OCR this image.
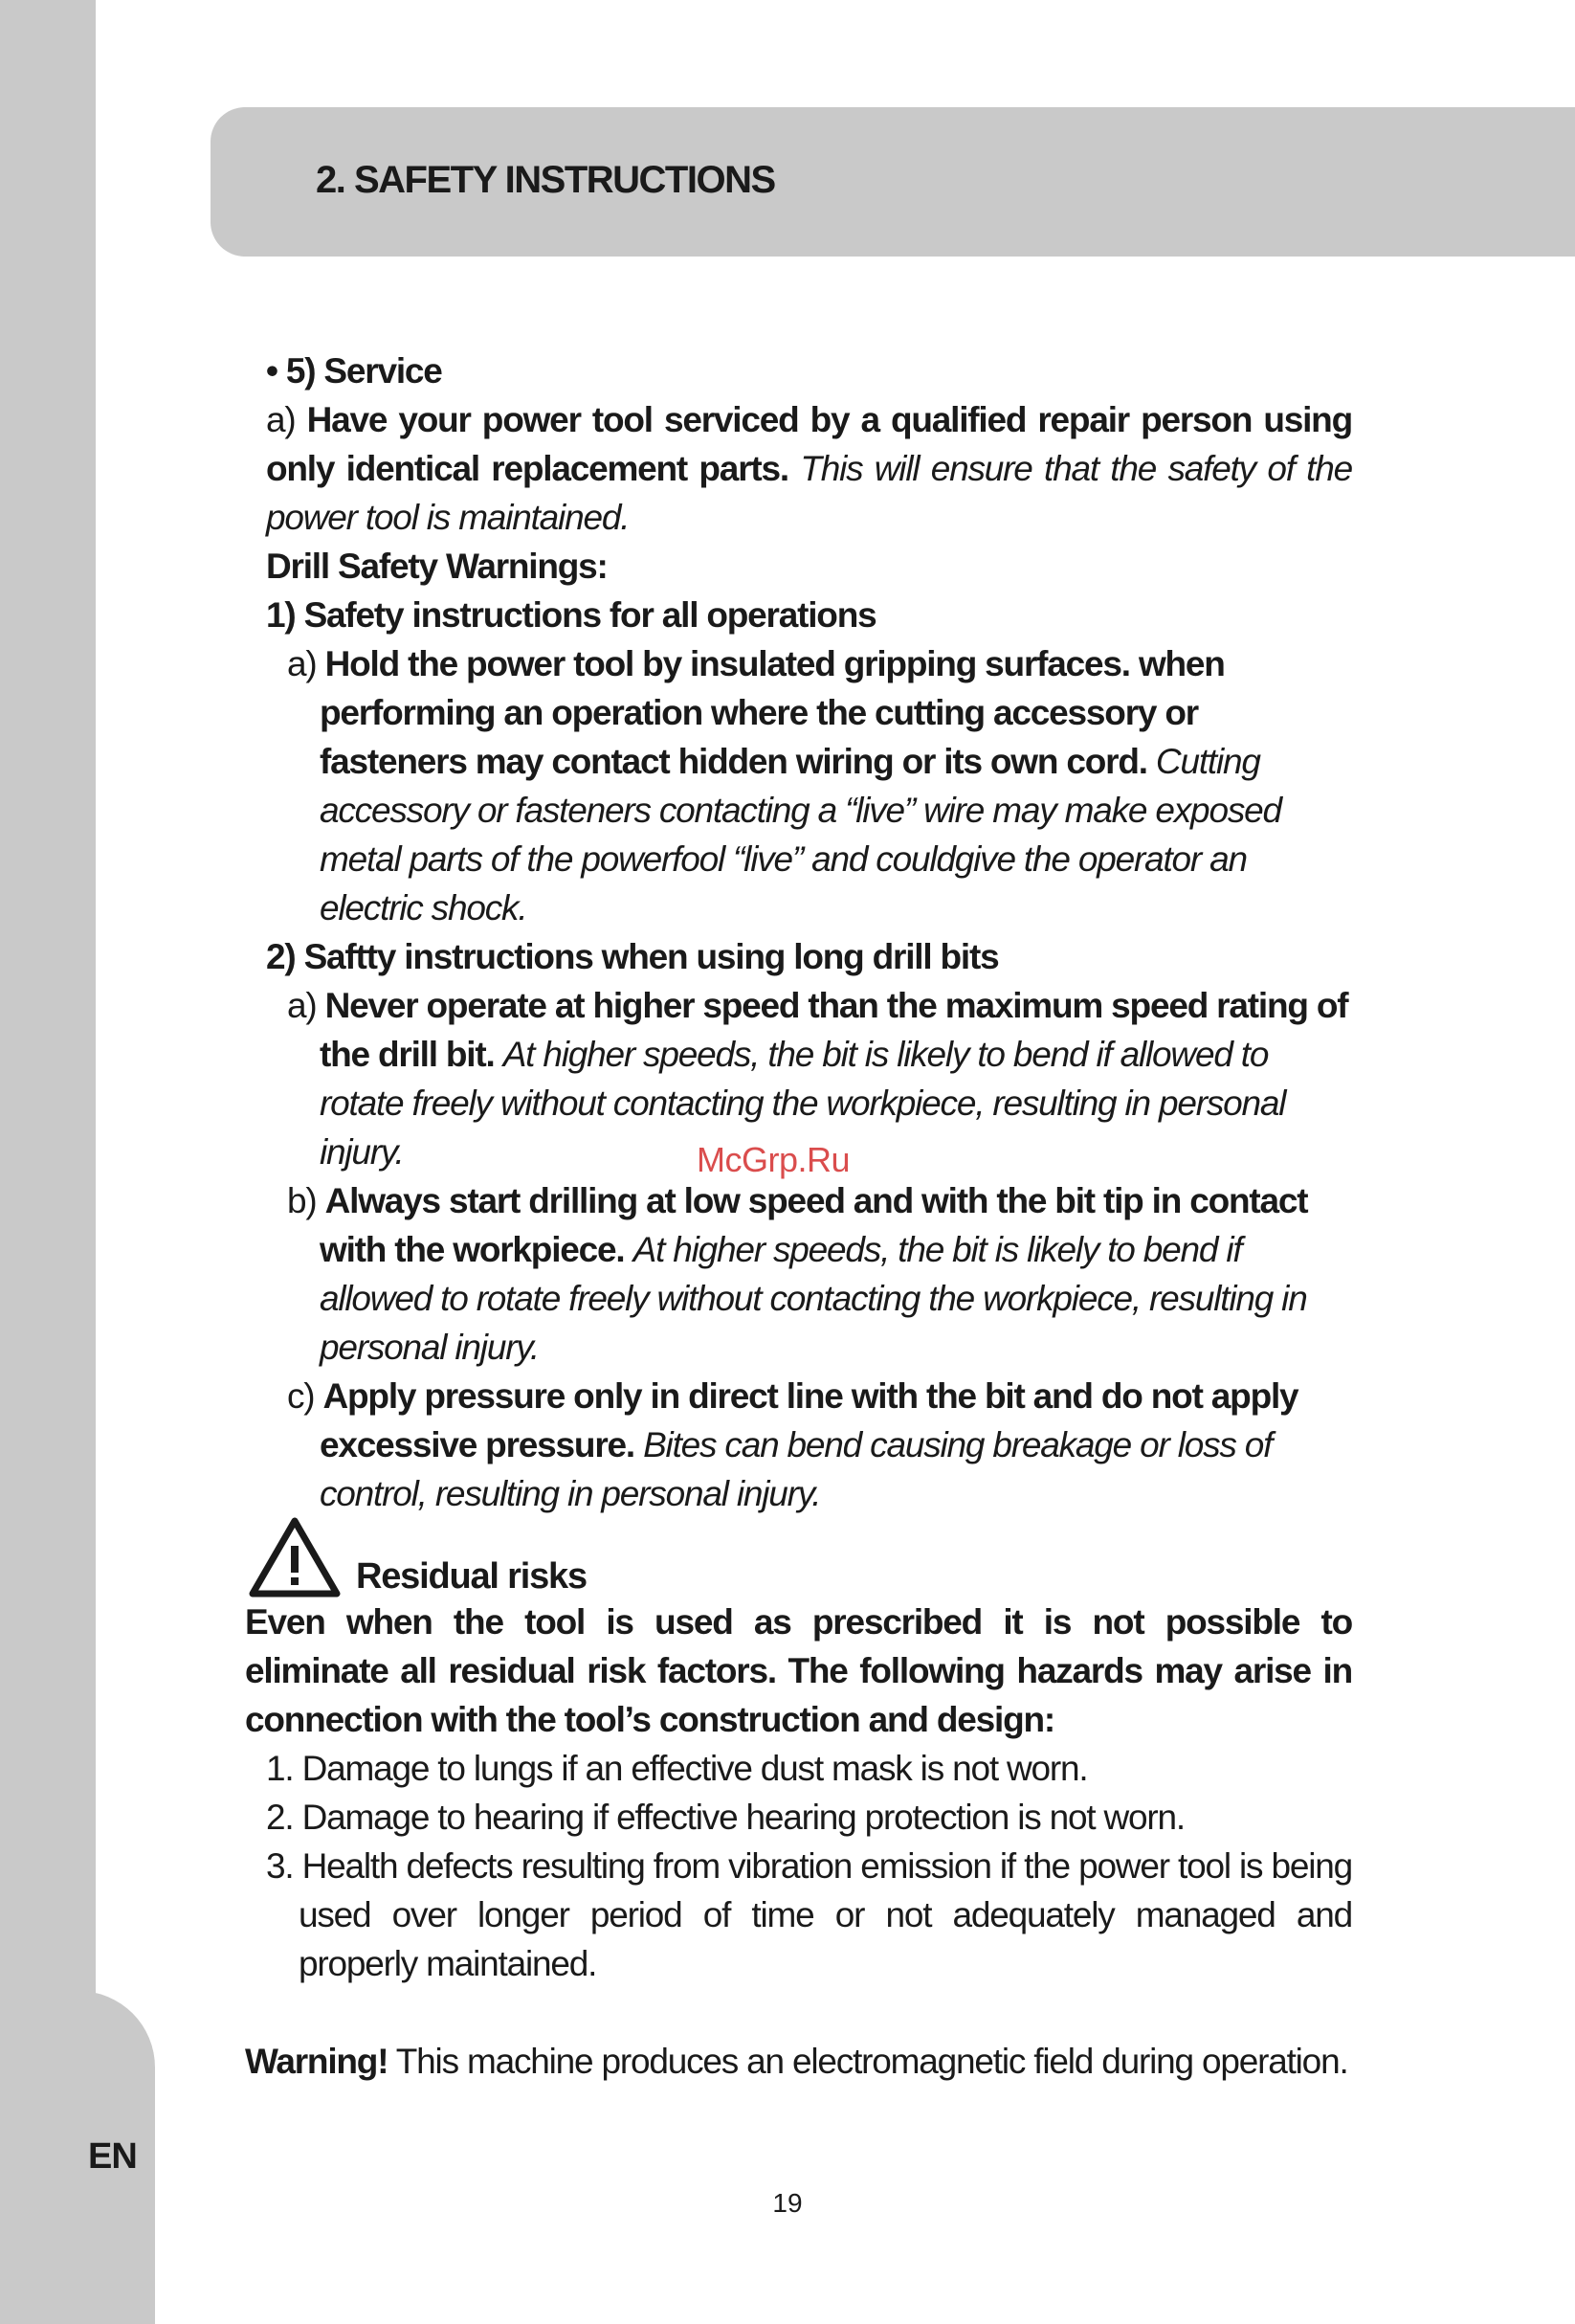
EN
2. SAFETY INSTRUCTIONS

• 5) Service

a) Have your power tool serviced by a qualified repair person using only identical replacement parts. This will ensure that the safety of the power tool is maintained.

Drill Safety Warnings:

1) Safety instructions for all operations

a) Hold the power tool by insulated gripping surfaces. when performing an operation where the cutting accessory or fasteners may contact hidden wiring or its own cord. Cutting accessory or fasteners contacting a “live” wire may make exposed metal parts of the powerfool “live” and couldgive the operator an electric shock.

2) Saftty instructions when using long drill bits

a) Never operate at higher speed than the maximum speed rating of the drill bit. At higher speeds, the bit is likely to bend if allowed to rotate freely without contacting the workpiece, resulting in personal injury.

b) Always start drilling at low speed and with the bit tip in contact with the workpiece. At higher speeds, the bit is likely to bend if allowed to rotate freely without contacting the workpiece, resulting in personal injury.

c) Apply pressure only in direct line with the bit and do not apply excessive pressure. Bites can bend causing breakage or loss of control, resulting in personal injury.

McGrp.Ru
Residual risks

Even when the tool is used as prescribed it is not possible to eliminate all residual risk factors. The following hazards may arise in connection with the tool’s construction and design:

1. Damage to lungs if an effective dust mask is not worn.
2. Damage to hearing if effective hearing protection is not worn.
3. Health defects resulting from vibration emission if the power tool is being used over longer period of time or not adequately managed and properly maintained.

Warning! This machine produces an electromagnetic field during operation.

19
